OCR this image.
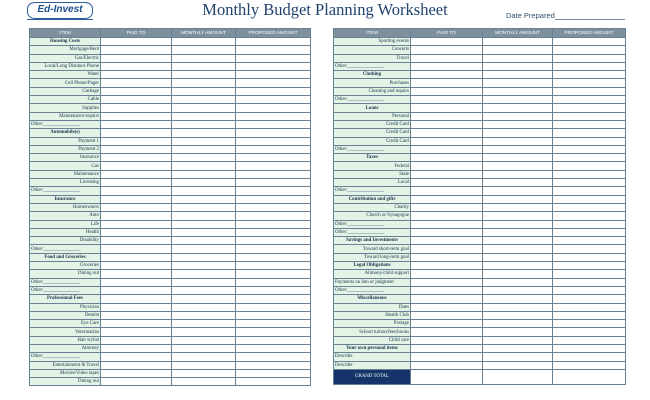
Ed-Invest	Monthly Budget Planning Worksheet	Date Prepared
ITEM	PAID TO	MONTHLY AMOUNT	PROPOSED AMOUNT
Housing Costs			
Mortgage/Rent			
Gas/Electric			
Local/Long Distance Phone			
Water			
Cell Phone/Pager			
Garbage			
Cable			
Supplies			
Maintenance/repairs			
Other:_______________			
Automobile(s)			
Payment 1			
Payment 2			
Insurance			
Gas			
Maintenance			
Licensing			
Other:_______________			
Insurance			
Homeowners			
Auto			
Life			
Health			
Disability			
Other:_______________			
Food and Groceries			
Groceries			
Dining out			
Other:_______________			
Other:_______________			
Professional Fees			
Physician			
Dentist			
Eye Care			
Veterinarian			
Hair stylist			
Attorney			
Other:_______________			
Entertainment & Travel			
Movies/Video tapes			
Dining out			
ITEM	PAID TO	MONTHLY AMOUNT	PROPOSED AMOUNT
Sporting events			
Concerts			
Travel			
Other:_______________			
Clothing			
Purchases			
Cleaning and repairs			
Other:_______________			
Loans			
Personal			
Credit Card			
Credit Card			
Credit Card			
Other:_______________			
Taxes			
Federal			
State			
Local			
Other:_______________			
Contribution and gifts			
Charity			
Church or Synagogue			
Other:_______________			
Other:_______________			
Savings and Investments			
Toward short-term goal			
Toward long-term goal			
Legal Obligations			
Alimony/child support			
Payments on lien or judgment			
Other:_______________			
Miscellaneous			
Dues			
Health Club			
Postage			
School tuition/fees/books			
Child care			
Your own personal items			
Describe			
Describe			
GRAND TOTAL			
